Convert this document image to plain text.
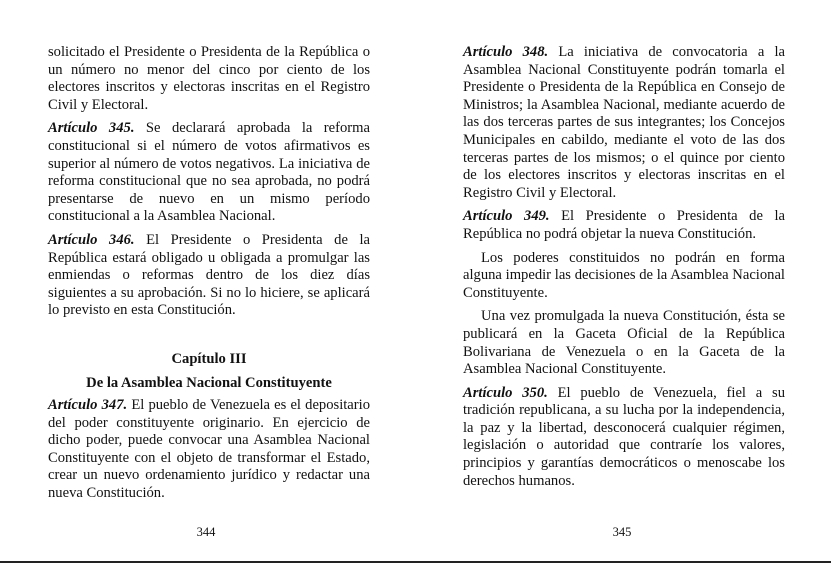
solicitado el Presidente o Presidenta de la República o un número no menor del cinco por ciento de los electores inscritos y electoras inscritas en el Registro Civil y Electoral.

Artículo 345. Se declarará aprobada la reforma constitucional si el número de votos afirmativos es superior al número de votos negativos. La iniciativa de reforma constitucional que no sea aprobada, no podrá presentarse de nuevo en un mismo período constitucional a la Asamblea Nacional.

Artículo 346. El Presidente o Presidenta de la República estará obligado u obligada a promulgar las enmiendas o reformas dentro de los diez días siguientes a su aprobación. Si no lo hiciere, se aplicará lo previsto en esta Constitución.

Capítulo III

De la Asamblea Nacional Constituyente

Artículo 347. El pueblo de Venezuela es el depositario del poder constituyente originario. En ejercicio de dicho poder, puede convocar una Asamblea Nacional Constituyente con el objeto de transformar el Estado, crear un nuevo ordenamiento jurídico y redactar una nueva Constitución.

344

Artículo 348. La iniciativa de convocatoria a la Asamblea Nacional Constituyente podrán tomarla el Presidente o Presidenta de la República en Consejo de Ministros; la Asamblea Nacional, mediante acuerdo de las dos terceras partes de sus integrantes; los Concejos Municipales en cabildo, mediante el voto de las dos terceras partes de los mismos; o el quince por ciento de los electores inscritos y electoras inscritas en el Registro Civil y Electoral.

Artículo 349. El Presidente o Presidenta de la República no podrá objetar la nueva Constitución.

Los poderes constituidos no podrán en forma alguna impedir las decisiones de la Asamblea Nacional Constituyente.

Una vez promulgada la nueva Constitución, ésta se publicará en la Gaceta Oficial de la República Bolivariana de Venezuela o en la Gaceta de la Asamblea Nacional Constituyente.

Artículo 350. El pueblo de Venezuela, fiel a su tradición republicana, a su lucha por la independencia, la paz y la libertad, desconocerá cualquier régimen, legislación o autoridad que contraríe los valores, principios y garantías democráticos o menoscabe los derechos humanos.

345
